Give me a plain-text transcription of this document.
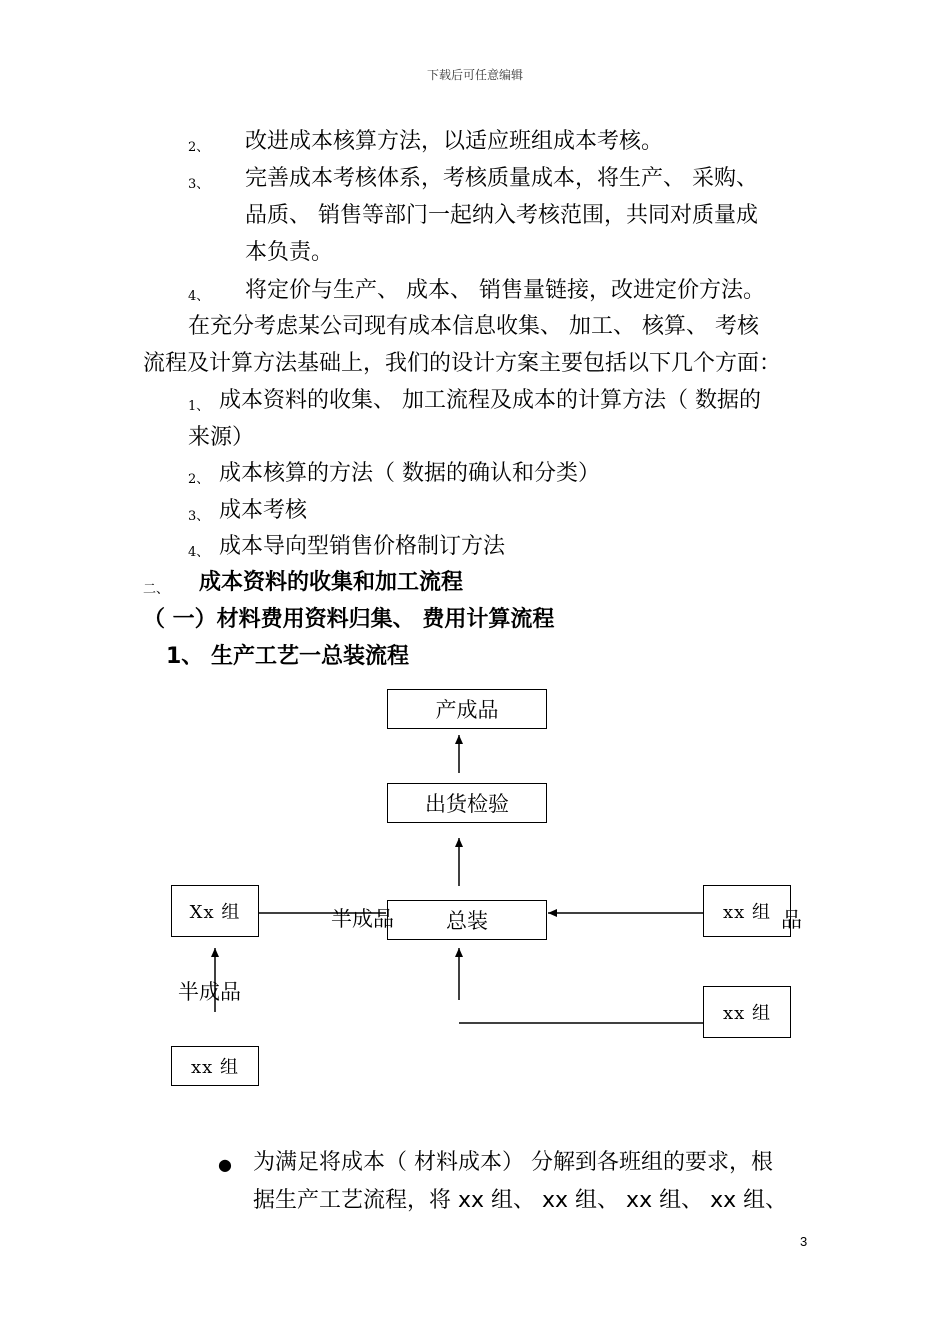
下载后可任意编辑
2、 改进成本核算方法，以适应班组成本考核。
3、 完善成本考核体系，考核质量成本，将生产、 采购、
品质、 销售等部门一起纳入考核范围，共同对质量成
本负责。
4、 将定价与生产、 成本、 销售量链接，改进定价方法。
在充分考虑某公司现有成本信息收集、 加工、 核算、 考核
流程及计算方法基础上，我们的设计方案主要包括以下几个方面：
1、 成本资料的收集、 加工流程及成本的计算方法（ 数据的
来源）
2、 成本核算的方法（ 数据的确认和分类）
3、 成本考核
4、 成本导向型销售价格制订方法
二、 成本资料的收集和加工流程
（ 一）材料费用资料归集、 费用计算流程
1、 生产工艺一总装流程
产成品
出货检验
总装
Xx 组	xx 组
xx 组
xx 组
半成品
半成品
品
● 为满足将成本（ 材料成本） 分解到各班组的要求，根
据生产工艺流程，将 xx 组、 xx 组、 xx 组、 xx 组、
3
